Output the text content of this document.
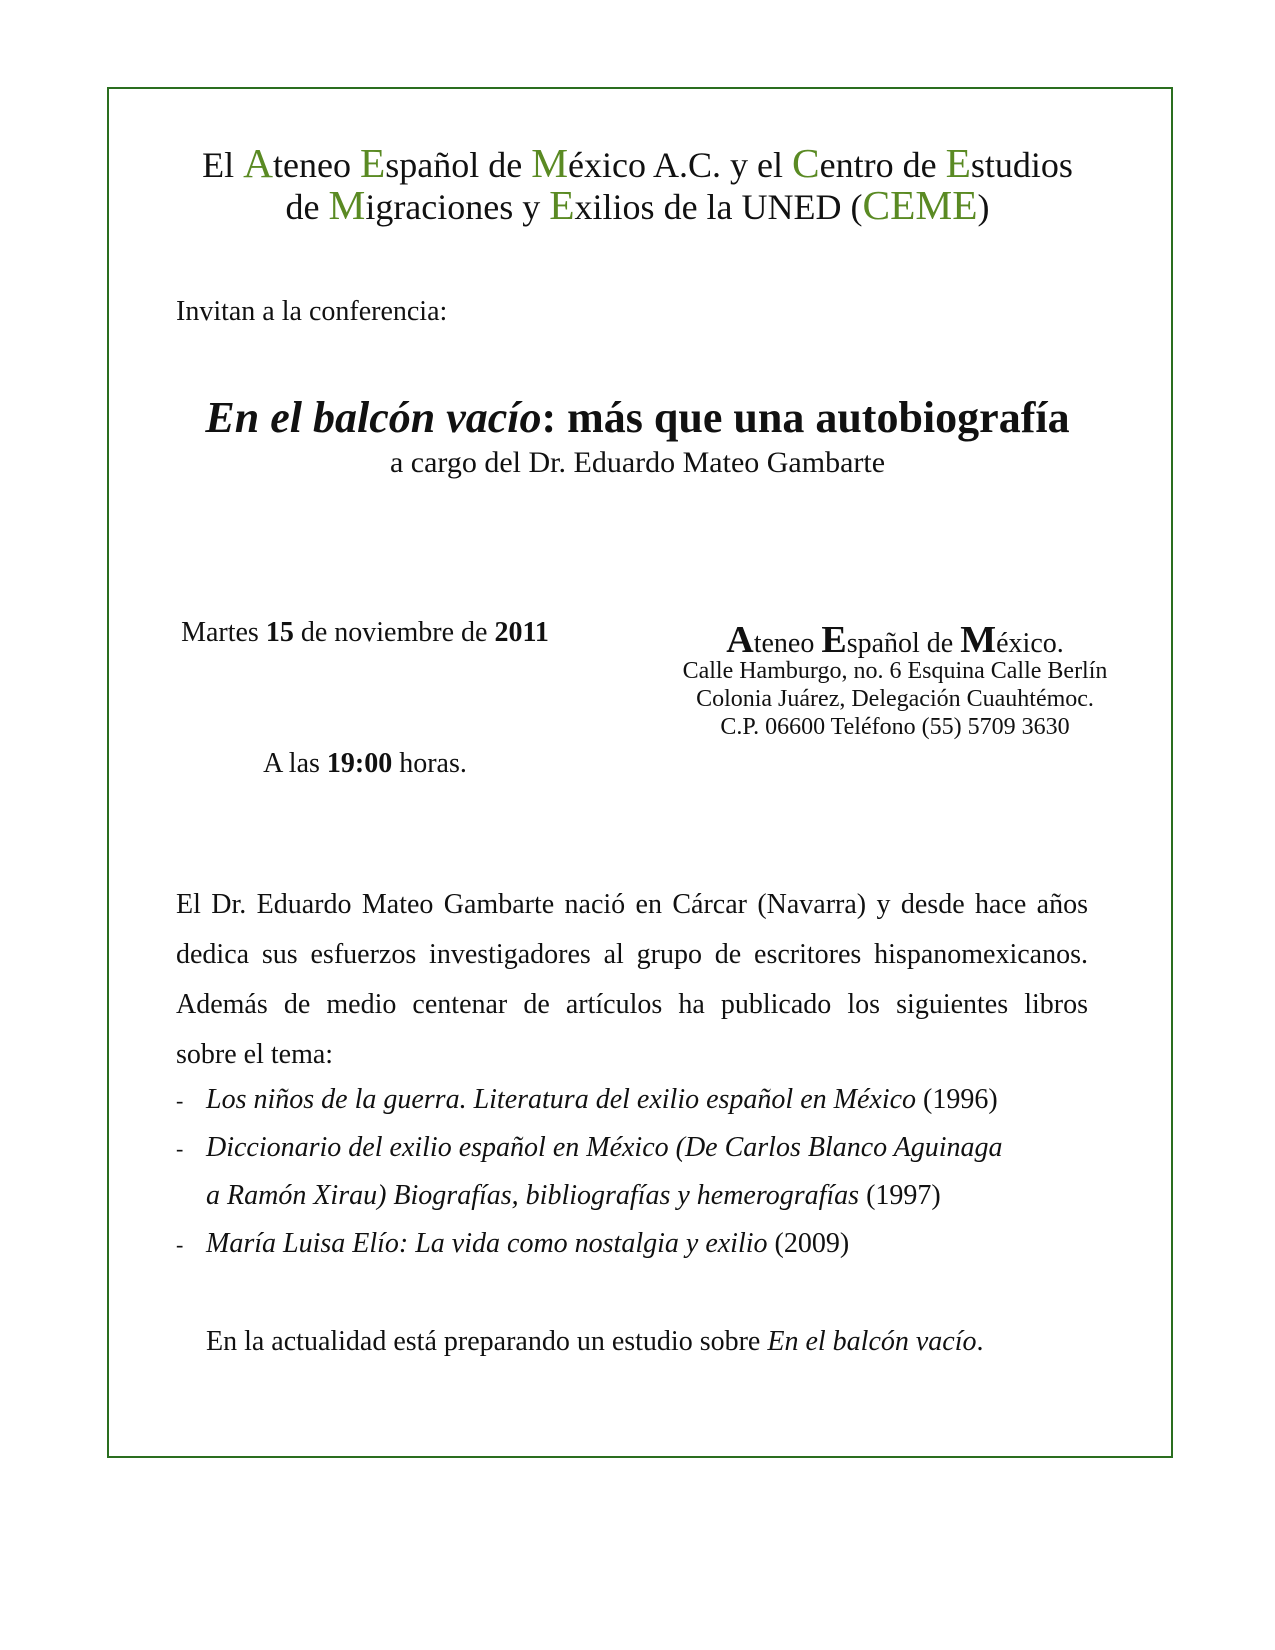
El Ateneo Español de México A.C. y el Centro de Estudios
de Migraciones y Exilios de la UNED (CEME)
Invitan a la conferencia:
En el balcón vacío: más que una autobiografía
a cargo del Dr. Eduardo Mateo Gambarte
Martes 15 de noviembre de 2011
A las 19:00 horas.
Ateneo Español de México.
Calle Hamburgo, no. 6 Esquina Calle Berlín
Colonia Juárez, Delegación Cuauhtémoc.
C.P. 06600 Teléfono (55) 5709 3630
El Dr. Eduardo Mateo Gambarte nació en Cárcar (Navarra) y desde hace años
dedica sus esfuerzos investigadores al grupo de escritores hispanomexicanos.
Además de medio centenar de artículos ha publicado los siguientes libros
sobre el tema:
- Los niños de la guerra. Literatura del exilio español en México (1996)
- Diccionario del exilio español en México (De Carlos Blanco Aguinaga
a Ramón Xirau) Biografías, bibliografías y hemerografías (1997)
- María Luisa Elío: La vida como nostalgia y exilio (2009)
En la actualidad está preparando un estudio sobre En el balcón vacío.
